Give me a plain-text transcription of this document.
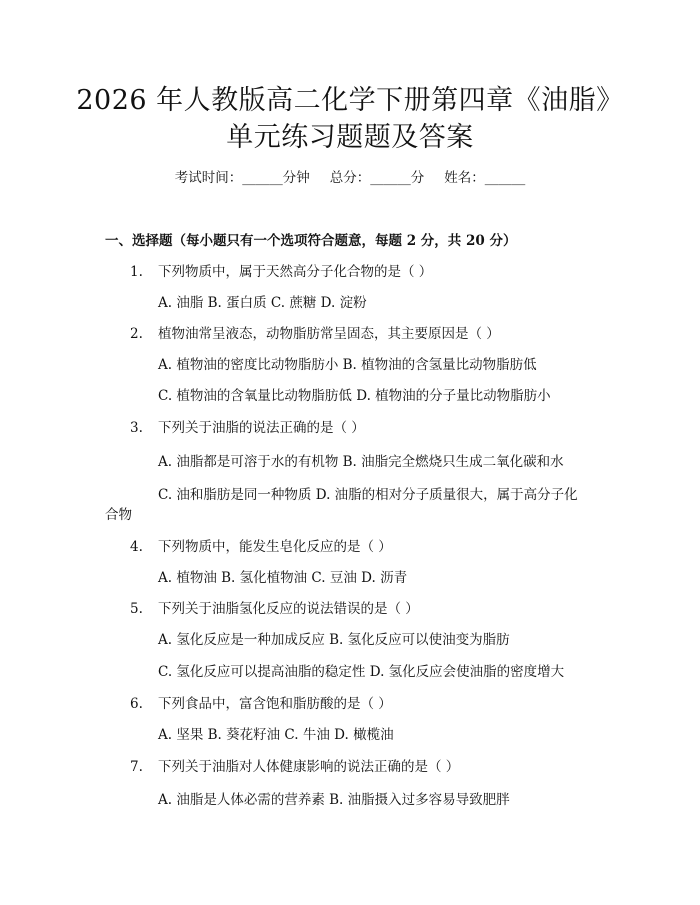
2026 年人教版高二化学下册第四章《油脂》
单元练习题题及答案
考试时间：______分钟 总分：______分 姓名：______
一、选择题（每小题只有一个选项符合题意，每题 2 分，共 20 分）
1. 下列物质中，属于天然高分子化合物的是（ ）
A. 油脂 B. 蛋白质 C. 蔗糖 D. 淀粉
2. 植物油常呈液态，动物脂肪常呈固态，其主要原因是（ ）
A. 植物油的密度比动物脂肪小 B. 植物油的含氢量比动物脂肪低
C. 植物油的含氧量比动物脂肪低 D. 植物油的分子量比动物脂肪小
3. 下列关于油脂的说法正确的是（ ）
A. 油脂都是可溶于水的有机物 B. 油脂完全燃烧只生成二氧化碳和水
C. 油和脂肪是同一种物质 D. 油脂的相对分子质量很大，属于高分子化
合物
4. 下列物质中，能发生皂化反应的是（ ）
A. 植物油 B. 氢化植物油 C. 豆油 D. 沥青
5. 下列关于油脂氢化反应的说法错误的是（ ）
A. 氢化反应是一种加成反应 B. 氢化反应可以使油变为脂肪
C. 氢化反应可以提高油脂的稳定性 D. 氢化反应会使油脂的密度增大
6. 下列食品中，富含饱和脂肪酸的是（ ）
A. 坚果 B. 葵花籽油 C. 牛油 D. 橄榄油
7. 下列关于油脂对人体健康影响的说法正确的是（ ）
A. 油脂是人体必需的营养素 B. 油脂摄入过多容易导致肥胖
